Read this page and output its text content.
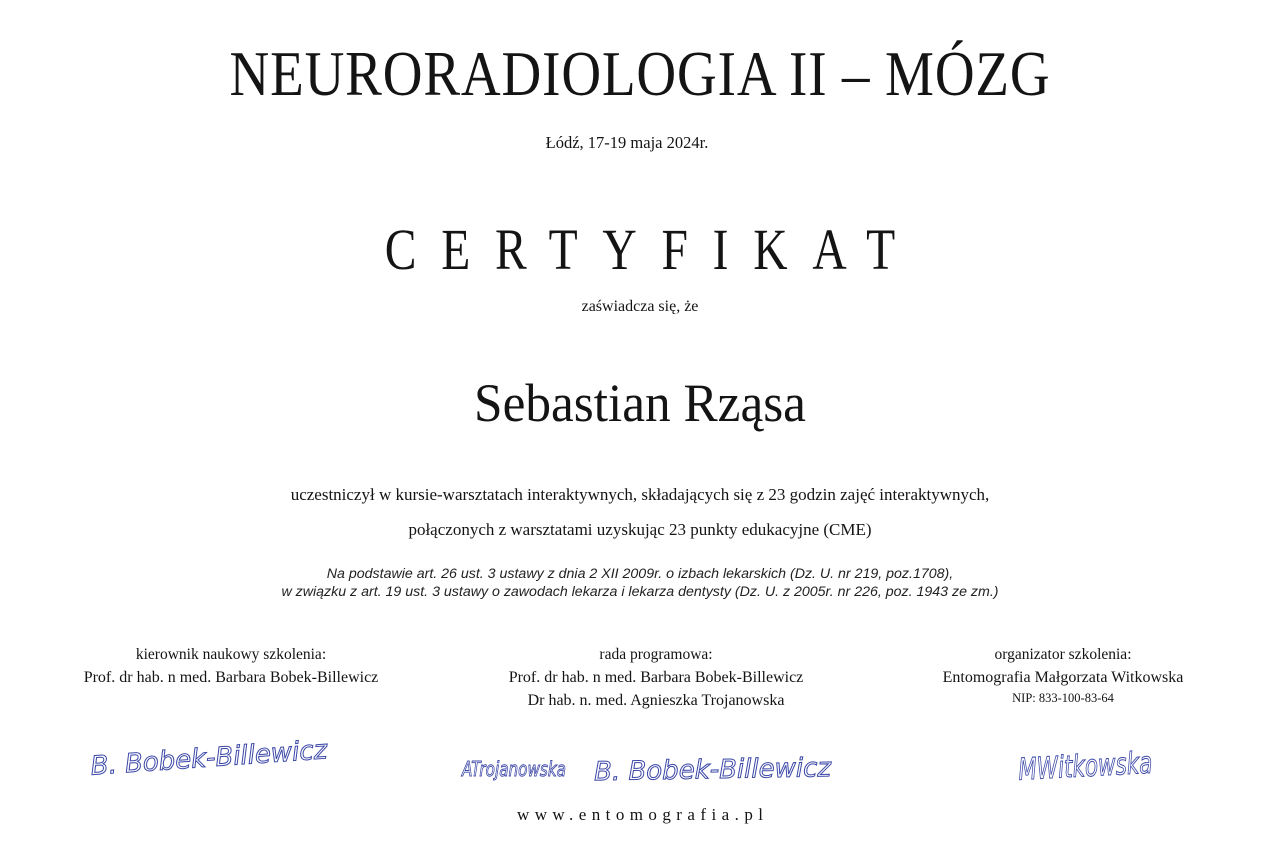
NEURORADIOLOGIA II – MÓZG
Łódź, 17-19 maja 2024r.
CERTYFIKAT
zaświadcza się, że
Sebastian Rząsa
uczestniczył w kursie-warsztatach interaktywnych, składających się z 23 godzin zajęć interaktywnych,
połączonych z warsztatami uzyskując 23 punkty edukacyjne (CME)
Na podstawie art. 26 ust. 3 ustawy z dnia 2 XII 2009r. o izbach lekarskich (Dz. U. nr 219, poz.1708),
w związku z art. 19 ust. 3 ustawy o zawodach lekarza i lekarza dentysty (Dz. U. z 2005r. nr 226, poz. 1943 ze zm.)
kierownik naukowy szkolenia:
Prof. dr hab. n med. Barbara Bobek-Billewicz
B. Bobek-Billewicz
rada programowa:
Prof. dr hab. n med. Barbara Bobek-Billewicz
Dr hab. n. med. Agnieszka Trojanowska
ATrojanowska B. Bobek-Billewicz
organizator szkolenia:
Entomografia Małgorzata Witkowska
NIP: 833-100-83-64
MWitkowska
www.entomografia.pl
